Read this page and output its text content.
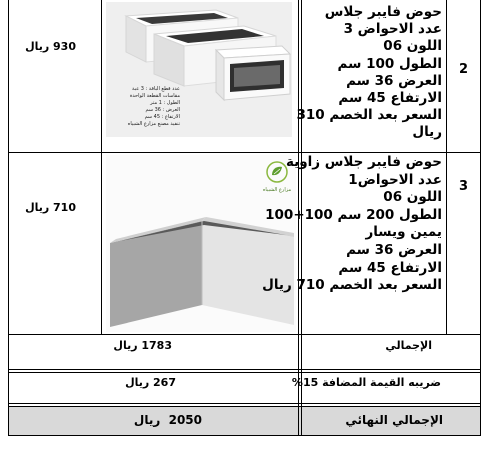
930 ريال
عدد قطع الباقة : 3 عبة
مقاسات القطعة الواحدة
الطول : 1 متر
العرض : 36 سم
الارتفاع : 45 سم
تنفيذ مصنع مزارع الشبياه
حوض فايبر جلاس
عدد الاحواض 3
اللون 06
الطول 100 سم
العرض 36 سم
الارتفاع 45 سم
السعر بعد الخصم 310
ريال
2
710 ريال
مزارع الشبياه
حوض فايبر جلاس زاوية
عدد الاحواض1
اللون 06
الطول 200 سم 100+100
يمين ويسار
العرض 36 سم
الارتفاع 45 سم
السعر بعد الخصم 710 ريال
3
الإجمالي
1783 ريال
ضريبه القيمة المضافة 15%
267 ريال
الإجمالي النهائي
2050  ريال
